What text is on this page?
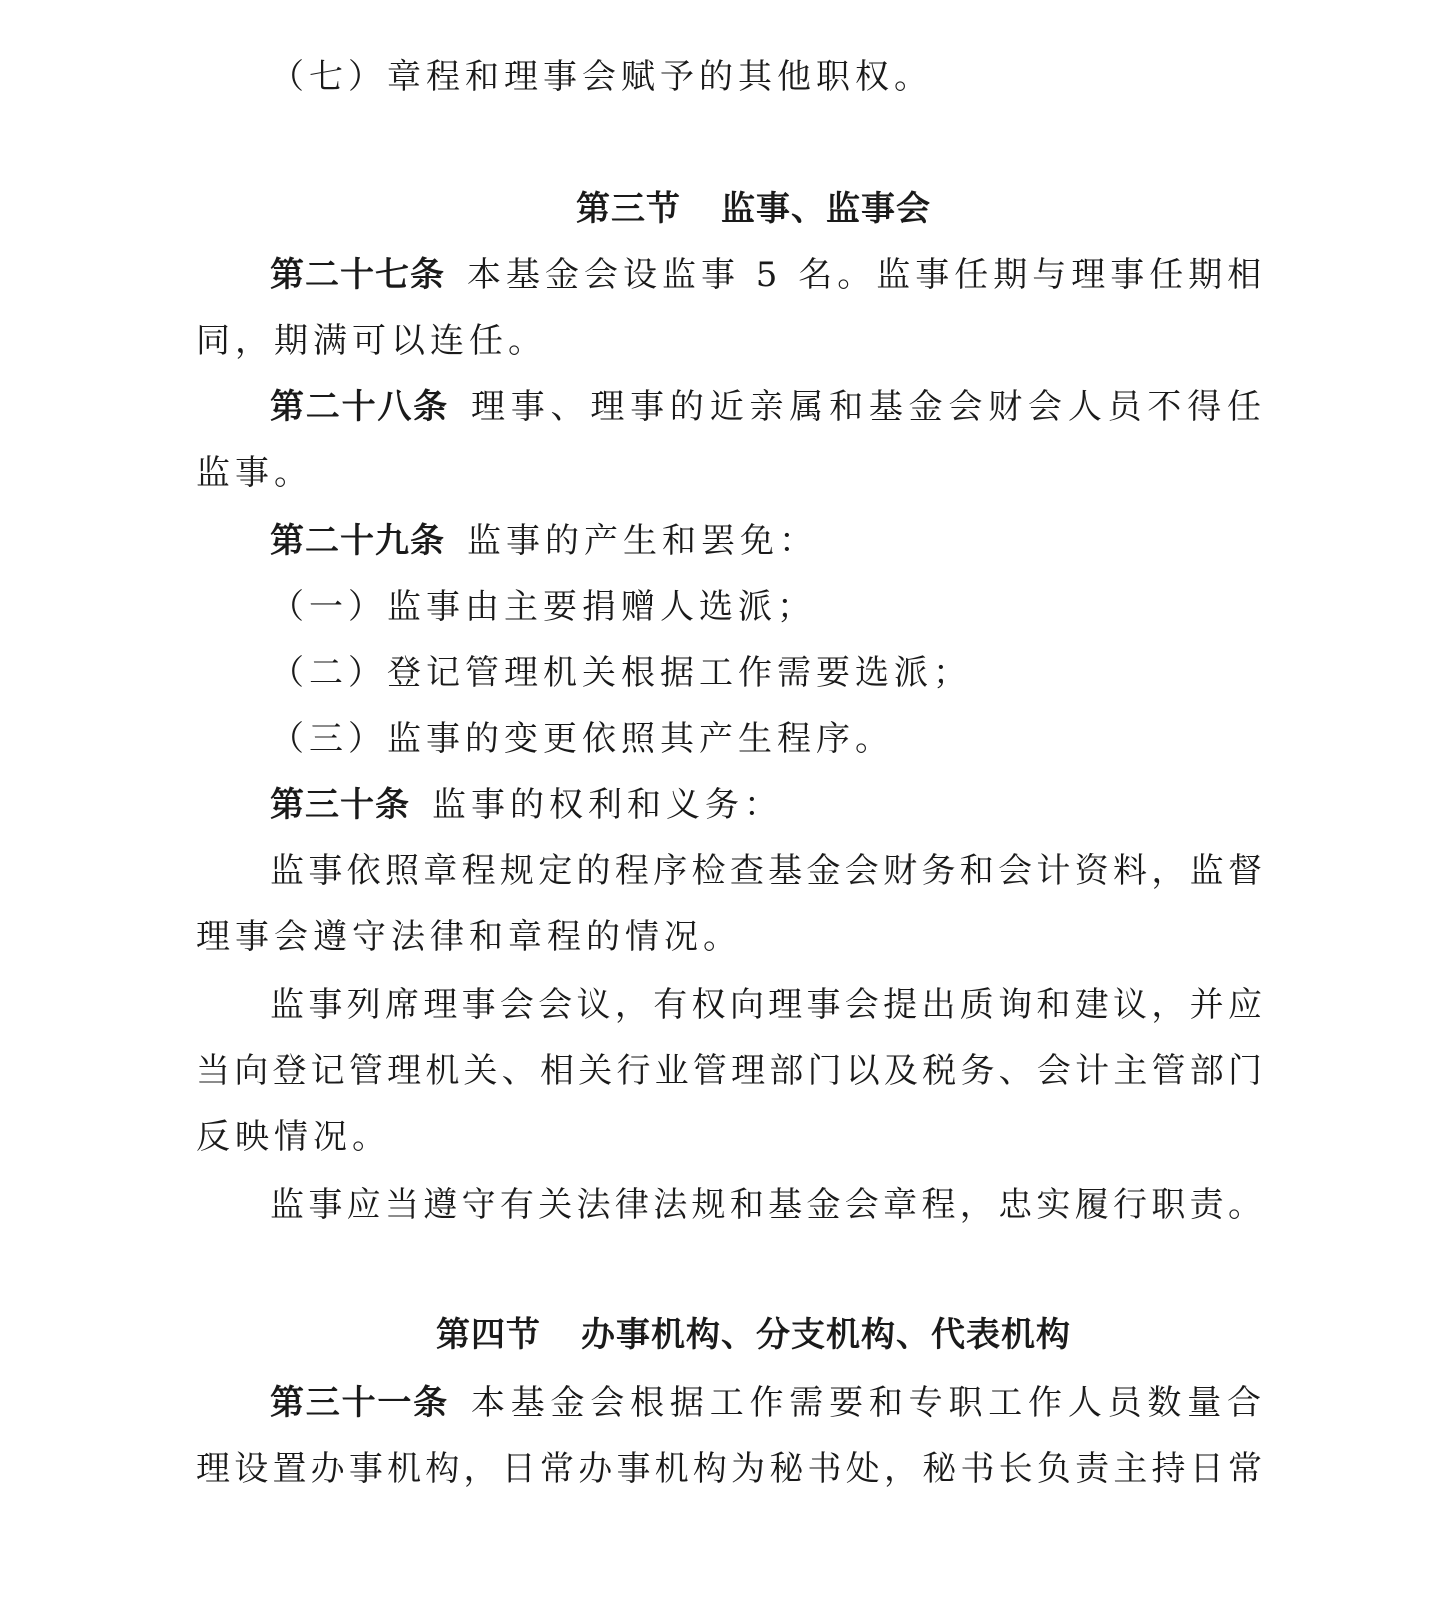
（七）章程和理事会赋予的其他职权。
第三节 监事、监事会
第二十七条 本基金会设监事 5 名。监事任期与理事任期相
同，期满可以连任。
第二十八条 理事、理事的近亲属和基金会财会人员不得任
监事。
第二十九条 监事的产生和罢免：
（一）监事由主要捐赠人选派；
（二）登记管理机关根据工作需要选派；
（三）监事的变更依照其产生程序。
第三十条 监事的权利和义务：
监事依照章程规定的程序检查基金会财务和会计资料，监督
理事会遵守法律和章程的情况。
监事列席理事会会议，有权向理事会提出质询和建议，并应
当向登记管理机关、相关行业管理部门以及税务、会计主管部门
反映情况。
监事应当遵守有关法律法规和基金会章程，忠实履行职责。
第四节 办事机构、分支机构、代表机构
第三十一条 本基金会根据工作需要和专职工作人员数量合
理设置办事机构，日常办事机构为秘书处，秘书长负责主持日常
